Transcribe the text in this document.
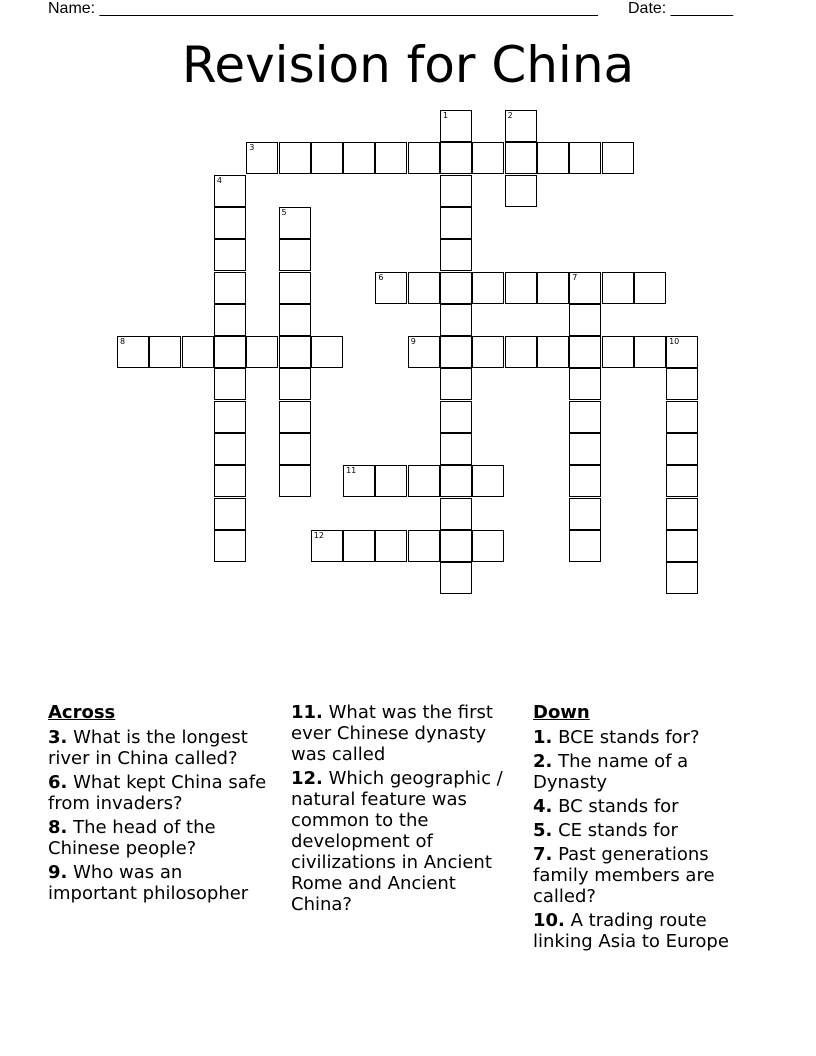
Name: ________________________________________________________ Date: _______
Revision for China
3
6	7
8	9	10
11
12
1	2
4
5
Across
3. What is the longest river in China called?
6. What kept China safe from invaders?
8. The head of the Chinese people?
9. Who was an important philosopher
11. What was the first ever Chinese dynasty was called
12. Which geographic / natural feature was common to the development of civilizations in Ancient Rome and Ancient China?
Down
1. BCE stands for?
2. The name of a Dynasty
4. BC stands for
5. CE stands for
7. Past generations family members are called?
10. A trading route linking Asia to Europe
